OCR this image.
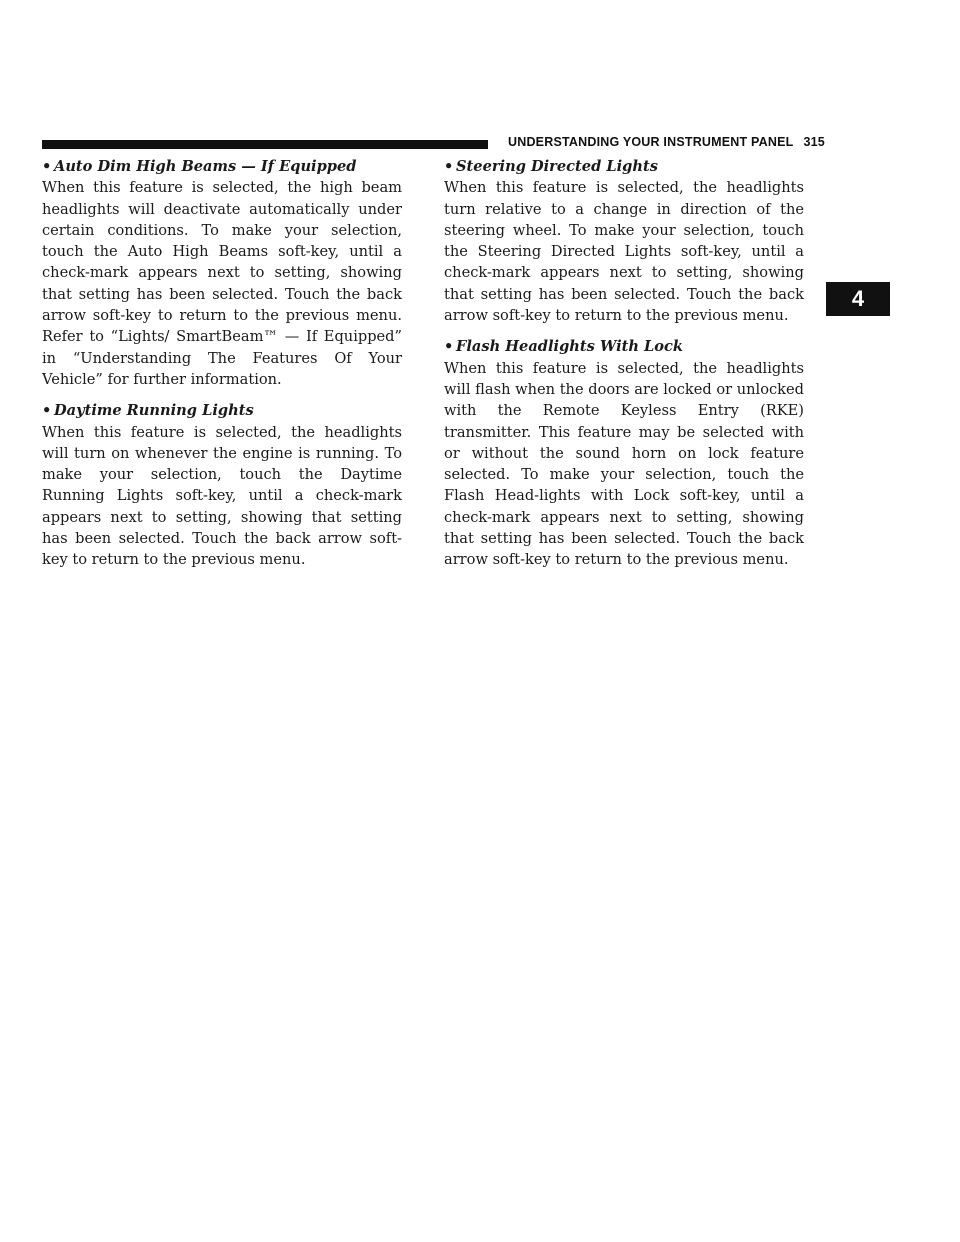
UNDERSTANDING YOUR INSTRUMENT PANEL 315
4

• Auto Dim High Beams — If Equipped

When this feature is selected, the high beam headlights will deactivate automatically under certain conditions. To make your selection, touch the Auto High Beams soft-key, until a check-mark appears next to setting, showing that setting has been selected. Touch the back arrow soft-key to return to the previous menu. Refer to “Lights/ SmartBeam™ — If Equipped” in “Understanding The Features Of Your Vehicle” for further information.

• Daytime Running Lights

When this feature is selected, the headlights will turn on whenever the engine is running. To make your selection, touch the Daytime Running Lights soft-key, until a check-mark appears next to setting, showing that setting has been selected. Touch the back arrow soft-key to return to the previous menu.

• Steering Directed Lights

When this feature is selected, the headlights turn relative to a change in direction of the steering wheel. To make your selection, touch the Steering Directed Lights soft-key, until a check-mark appears next to setting, showing that setting has been selected. Touch the back arrow soft-key to return to the previous menu.

• Flash Headlights With Lock

When this feature is selected, the headlights will flash when the doors are locked or unlocked with the Remote Keyless Entry (RKE) transmitter. This feature may be selected with or without the sound horn on lock feature selected. To make your selection, touch the Flash Head-lights with Lock soft-key, until a check-mark appears next to setting, showing that setting has been selected. Touch the back arrow soft-key to return to the previous menu.
